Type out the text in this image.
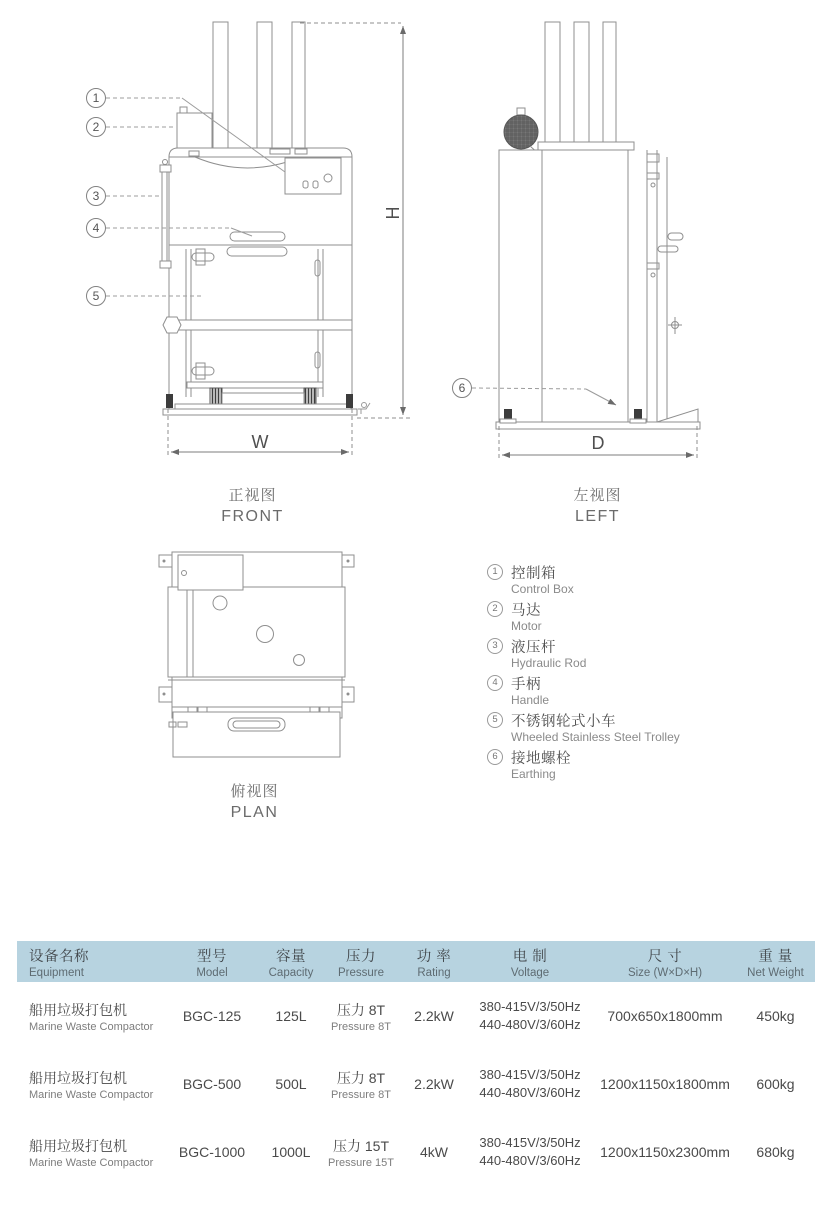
1
2
3
4
5
W
H
6
D
正视图
FRONT
左视图
LEFT
俯视图
PLAN
1 控制箱
Control Box
2 马达
Motor
3 液压杆
Hydraulic Rod
4 手柄
Handle
5 不锈钢轮式小车
Wheeled Stainless Steel Trolley
6 接地螺栓
Earthing
设备名称
Equipment
型号
Model
容量
Capacity
压力
Pressure
功 率
Rating
电 制
Voltage
尺 寸
Size (W×D×H)
重 量
Net Weight
船用垃圾打包机
Marine Waste Compactor
BGC-125 125L 压力 8T
Pressure 8T
2.2kW
380-415V/3/50Hz
440-480V/3/60Hz
700x650x1800mm 450kg
船用垃圾打包机
Marine Waste Compactor
BGC-500 500L 压力 8T
Pressure 8T
2.2kW
380-415V/3/50Hz
440-480V/3/60Hz
1200x1150x1800mm 600kg
船用垃圾打包机
Marine Waste Compactor
BGC-1000 1000L 压力 15T
Pressure 15T
4kW
380-415V/3/50Hz
440-480V/3/60Hz
1200x1150x2300mm 680kg
